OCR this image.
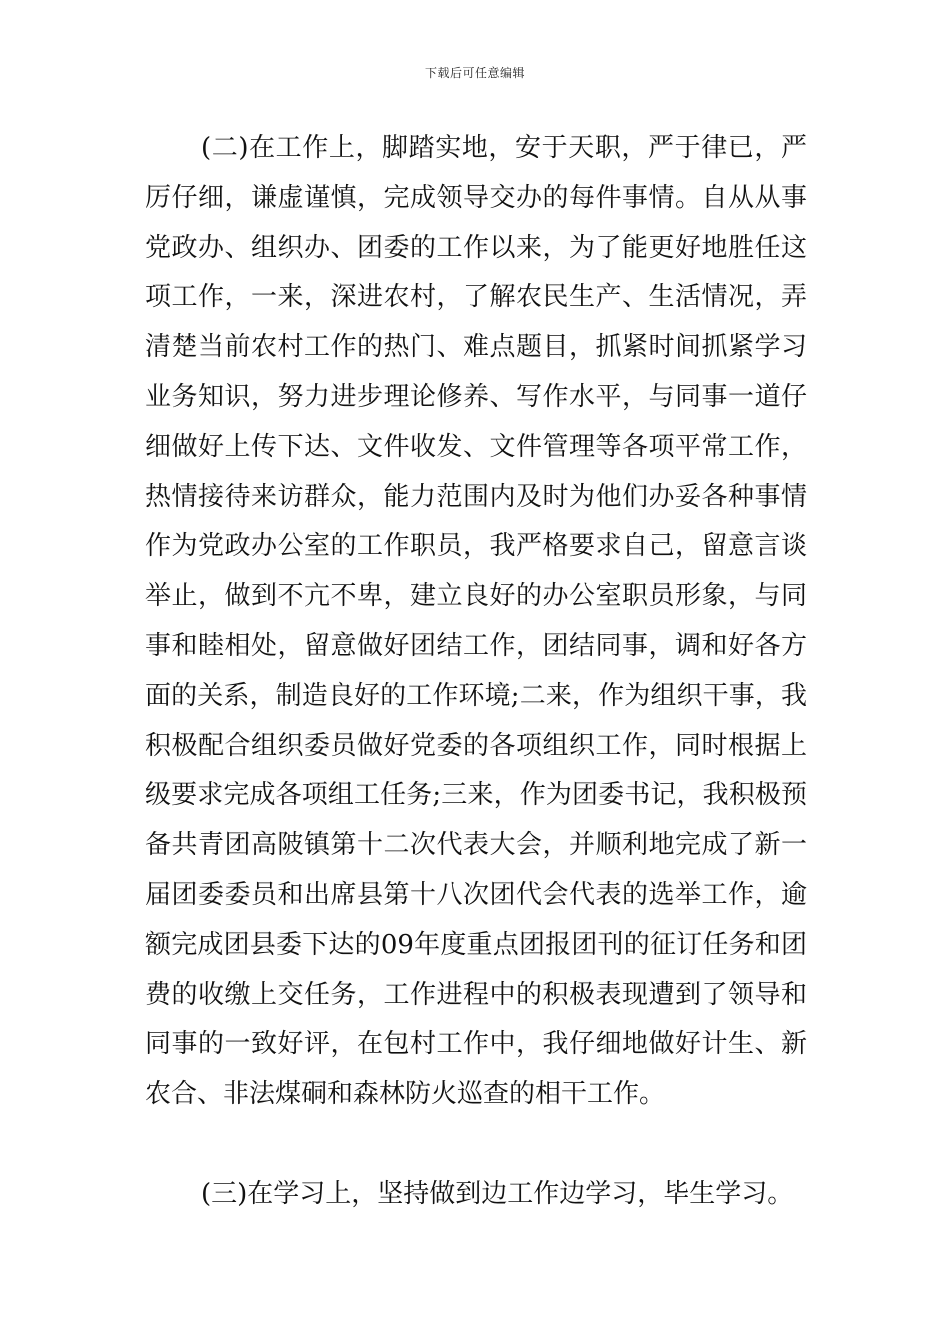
下载后可任意编辑
(二)在工作上，脚踏实地，安于天职，严于律已，严
厉仔细，谦虚谨慎，完成领导交办的每件事情。自从从事
党政办、组织办、团委的工作以来，为了能更好地胜任这
项工作，一来，深进农村，了解农民生产、生活情况，弄
清楚当前农村工作的热门、难点题目，抓紧时间抓紧学习
业务知识，努力进步理论修养、写作水平，与同事一道仔
细做好上传下达、文件收发、文件管理等各项平常工作，
热情接待来访群众，能力范围内及时为他们办妥各种事情
作为党政办公室的工作职员，我严格要求自己，留意言谈
举止，做到不亢不卑，建立良好的办公室职员形象，与同
事和睦相处，留意做好团结工作，团结同事，调和好各方
面的关系，制造良好的工作环境;二来，作为组织干事，我
积极配合组织委员做好党委的各项组织工作，同时根据上
级要求完成各项组工任务;三来，作为团委书记，我积极预
备共青团高陂镇第十二次代表大会，并顺利地完成了新一
届团委委员和出席县第十八次团代会代表的选举工作，逾
额完成团县委下达的09年度重点团报团刊的征订任务和团
费的收缴上交任务，工作进程中的积极表现遭到了领导和
同事的一致好评，在包村工作中，我仔细地做好计生、新
农合、非法煤硐和森林防火巡查的相干工作。
(三)在学习上，坚持做到边工作边学习，毕生学习。
